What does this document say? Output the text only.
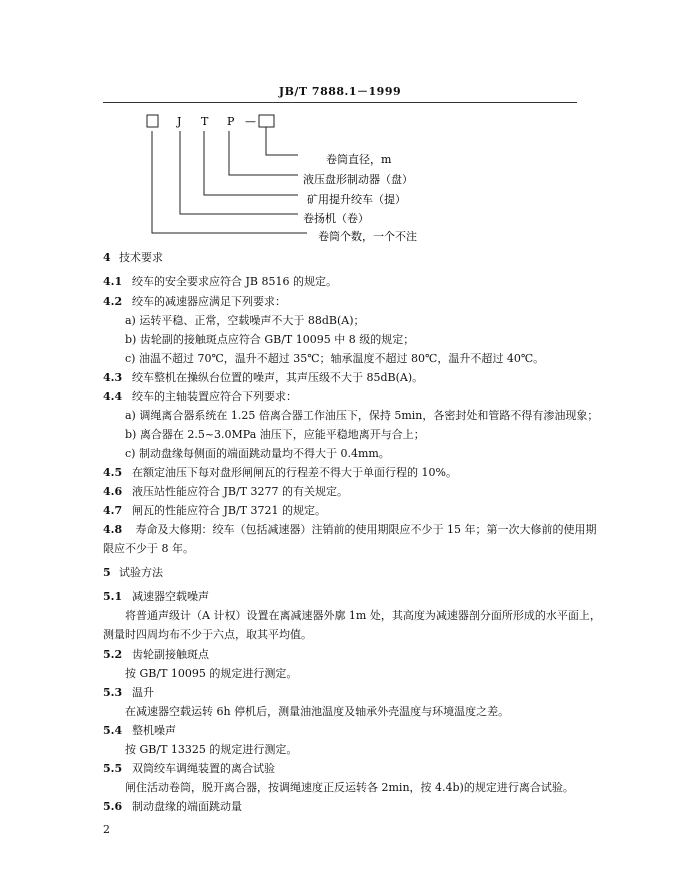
JB/T 7888.1－1999
J T P —
卷筒直径，m
液压盘形制动器（盘）
矿用提升绞车（提）
卷扬机（卷）
卷筒个数，一个不注
4 技术要求
4.1 绞车的安全要求应符合 JB 8516 的规定。
4.2 绞车的减速器应满足下列要求：
a) 运转平稳、正常，空载噪声不大于 88dB(A)；
b) 齿轮副的接触斑点应符合 GB/T 10095 中 8 级的规定；
c) 油温不超过 70℃，温升不超过 35℃；轴承温度不超过 80℃，温升不超过 40℃。
4.3 绞车整机在操纵台位置的噪声，其声压级不大于 85dB(A)。
4.4 绞车的主轴装置应符合下列要求：
a) 调绳离合器系统在 1.25 倍离合器工作油压下，保持 5min，各密封处和管路不得有渗油现象；
b) 离合器在 2.5~3.0MPa 油压下，应能平稳地离开与合上；
c) 制动盘缘每侧面的端面跳动量均不得大于 0.4mm。
4.5 在额定油压下每对盘形闸闸瓦的行程差不得大于单面行程的 10%。
4.6 液压站性能应符合 JB/T 3277 的有关规定。
4.7 闸瓦的性能应符合 JB/T 3721 的规定。
4.8 寿命及大修期：绞车（包括减速器）注销前的使用期限应不少于 15 年；第一次大修前的使用期
限应不少于 8 年。
5 试验方法
5.1 减速器空载噪声
将普通声级计（A 计权）设置在离减速器外廓 1m 处，其高度为减速器剖分面所形成的水平面上，
测量时四周均布不少于六点，取其平均值。
5.2 齿轮副接触斑点
按 GB/T 10095 的规定进行测定。
5.3 温升
在减速器空载运转 6h 停机后，测量油池温度及轴承外壳温度与环境温度之差。
5.4 整机噪声
按 GB/T 13325 的规定进行测定。
5.5 双筒绞车调绳装置的离合试验
闸住活动卷筒，脱开离合器，按调绳速度正反运转各 2min，按 4.4b)的规定进行离合试验。
5.6 制动盘缘的端面跳动量
2
